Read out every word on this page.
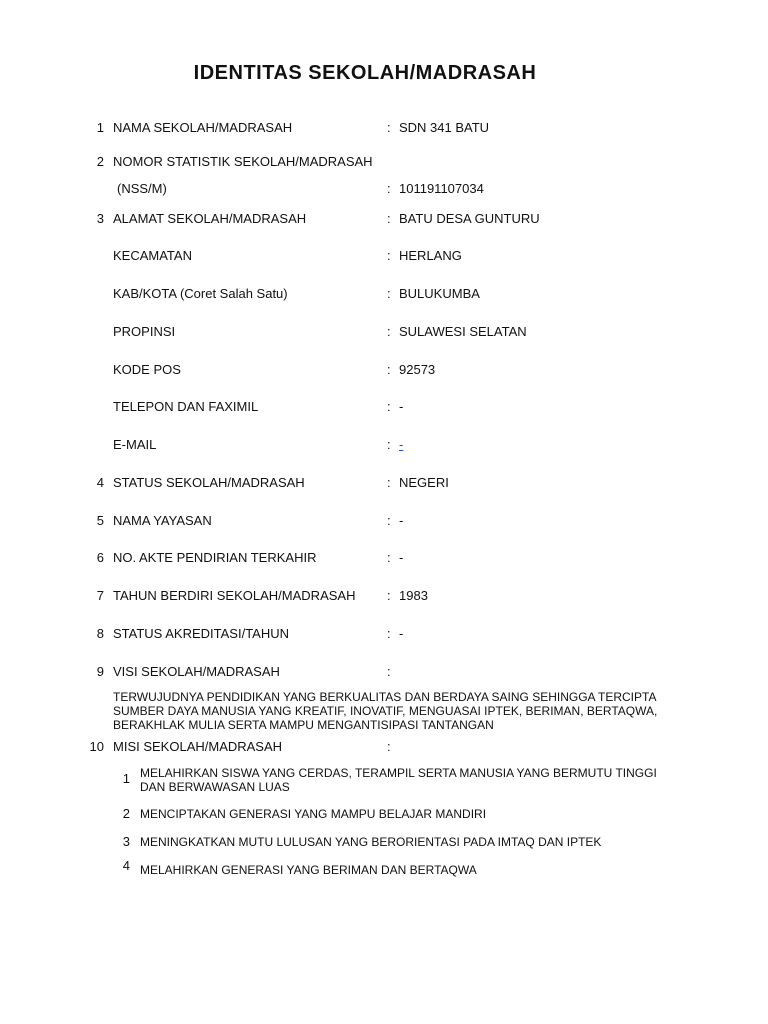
IDENTITAS SEKOLAH/MADRASAH
1 NAMA SEKOLAH/MADRASAH	: SDN 341 BATU
2 NOMOR STATISTIK SEKOLAH/MADRASAH
(NSS/M)	: 101191107034
3 ALAMAT SEKOLAH/MADRASAH	: BATU DESA GUNTURU
KECAMATAN	: HERLANG
KAB/KOTA (Coret Salah Satu)	: BULUKUMBA
PROPINSI	: SULAWESI SELATAN
KODE POS	: 92573
TELEPON DAN FAXIMIL	: -
E-MAIL	: -
4 STATUS SEKOLAH/MADRASAH	: NEGERI
5 NAMA YAYASAN	: -
6 NO. AKTE PENDIRIAN TERKAHIR	: -
7 TAHUN BERDIRI SEKOLAH/MADRASAH : 1983
8 STATUS AKREDITASI/TAHUN	: -
9 VISI SEKOLAH/MADRASAH	:
TERWUJUDNYA PENDIDIKAN YANG BERKUALITAS DAN BERDAYA SAING SEHINGGA TERCIPTA SUMBER DAYA MANUSIA YANG KREATIF, INOVATIF, MENGUASAI IPTEK, BERIMAN, BERTAQWA, BERAKHLAK MULIA SERTA MAMPU MENGANTISIPASI TANTANGAN
10 MISI SEKOLAH/MADRASAH	:
1 MELAHIRKAN SISWA YANG CERDAS, TERAMPIL SERTA MANUSIA YANG BERMUTU TINGGI DAN BERWAWASAN LUAS
2 MENCIPTAKAN GENERASI YANG MAMPU BELAJAR MANDIRI
3 MENINGKATKAN MUTU LULUSAN YANG BERORIENTASI PADA IMTAQ DAN IPTEK
4 MELAHIRKAN GENERASI YANG BERIMAN DAN BERTAQWA
